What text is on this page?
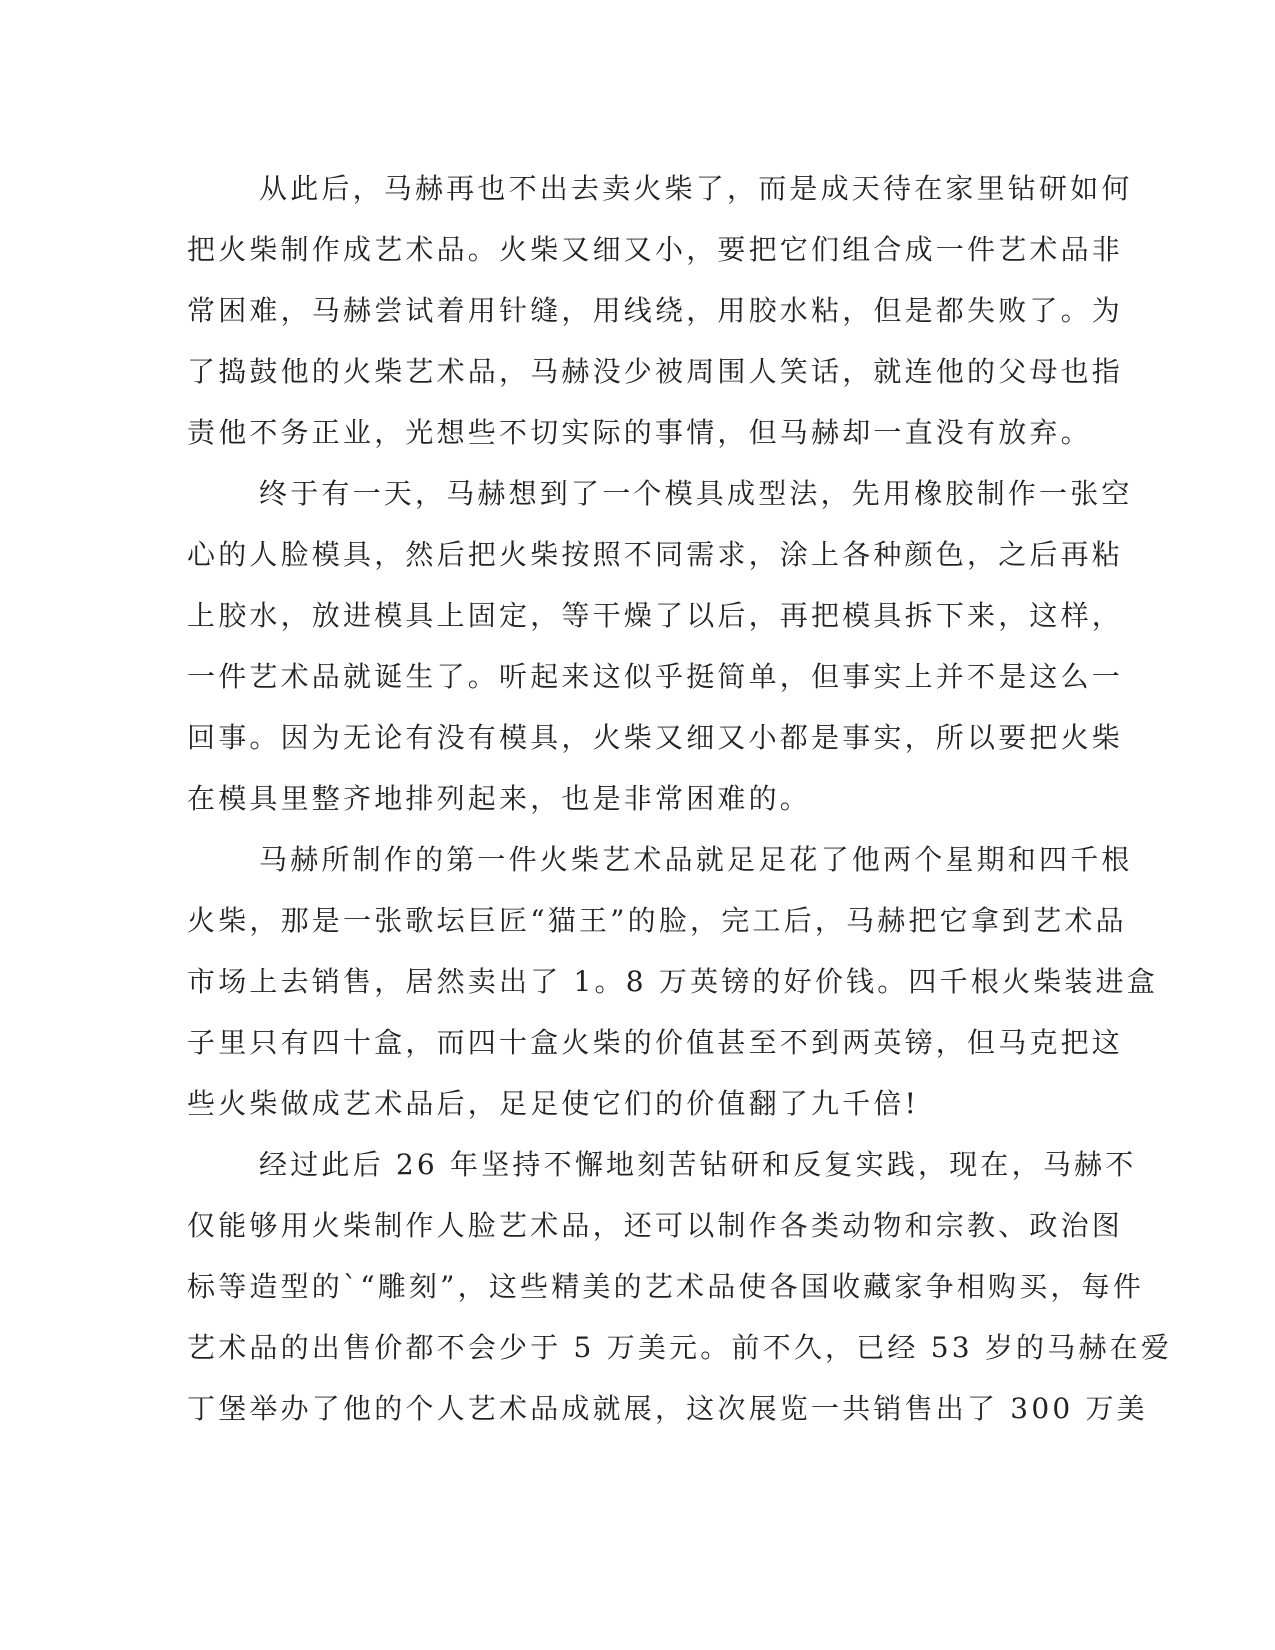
从此后，马赫再也不出去卖火柴了，而是成天待在家里钻研如何

把火柴制作成艺术品。火柴又细又小，要把它们组合成一件艺术品非

常困难，马赫尝试着用针缝，用线绕，用胶水粘，但是都失败了。为

了捣鼓他的火柴艺术品，马赫没少被周围人笑话，就连他的父母也指

责他不务正业，光想些不切实际的事情，但马赫却一直没有放弃。

终于有一天，马赫想到了一个模具成型法，先用橡胶制作一张空

心的人脸模具，然后把火柴按照不同需求，涂上各种颜色，之后再粘

上胶水，放进模具上固定，等干燥了以后，再把模具拆下来，这样，

一件艺术品就诞生了。听起来这似乎挺简单，但事实上并不是这么一

回事。因为无论有没有模具，火柴又细又小都是事实，所以要把火柴

在模具里整齐地排列起来，也是非常困难的。

马赫所制作的第一件火柴艺术品就足足花了他两个星期和四千根

火柴，那是一张歌坛巨匠“猫王”的脸，完工后，马赫把它拿到艺术品

市场上去销售，居然卖出了 1。8 万英镑的好价钱。四千根火柴装进盒

子里只有四十盒，而四十盒火柴的价值甚至不到两英镑，但马克把这

些火柴做成艺术品后，足足使它们的价值翻了九千倍!

经过此后 26 年坚持不懈地刻苦钻研和反复实践，现在，马赫不

仅能够用火柴制作人脸艺术品，还可以制作各类动物和宗教、政治图

标等造型的`“雕刻”，这些精美的艺术品使各国收藏家争相购买，每件

艺术品的出售价都不会少于 5 万美元。前不久，已经 53 岁的马赫在爱

丁堡举办了他的个人艺术品成就展，这次展览一共销售出了 300 万美
